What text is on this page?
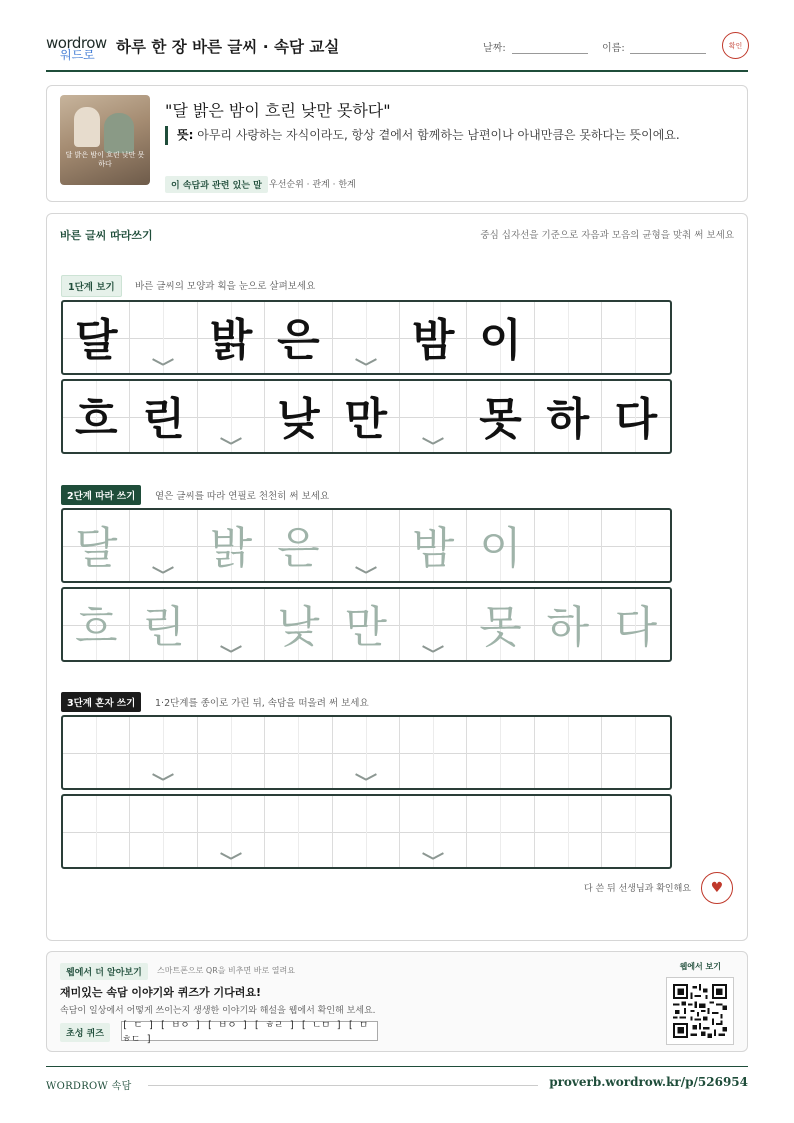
wordrow
워드로 하루 한 장 바른 글씨 · 속담 교실	날짜:	이름:	확인
달 밝은 밤이 흐린 낮만 못하다
"달 밝은 밤이 흐린 낮만 못하다"
뜻: 아무리 사랑하는 자식이라도, 항상 곁에서 함께하는 남편이나 아내만큼은 못하다는 뜻이에요.
이 속담과 관련 있는 말 우선순위 · 관계 · 한계
바른 글씨 따라쓰기	중심 십자선을 기준으로 자음과 모음의 균형을 맞춰 써 보세요
1단계 보기	바른 글씨의 모양과 획을 눈으로 살펴보세요
달 밝 은 밤 이
흐 린 낮 만 못 하 다
2단계 따라 쓰기	옅은 글씨를 따라 연필로 천천히 써 보세요
달 밝 은 밤 이
흐 린 낮 만 못 하 다
3단계 혼자 쓰기	1·2단계를 종이로 가린 뒤, 속담을 떠올려 써 보세요
다 쓴 뒤 선생님과 확인해요	♥
웹에서 더 알아보기	스마트폰으로 QR을 비추면 바로 열려요
재미있는 속담 이야기와 퀴즈가 기다려요!
속담이 일상에서 어떻게 쓰이는지 생생한 이야기와 해설을 웹에서 확인해 보세요.
초성 퀴즈
[ ㄷ ] [ ㅂㅇ ] [ ㅂㅇ ] [ ㅎㄹ ] [ ㄴㅁ ] [ ㅁㅎㄷ ]
웹에서 보기
WORDROW 속담	proverb.wordrow.kr/p/526954
